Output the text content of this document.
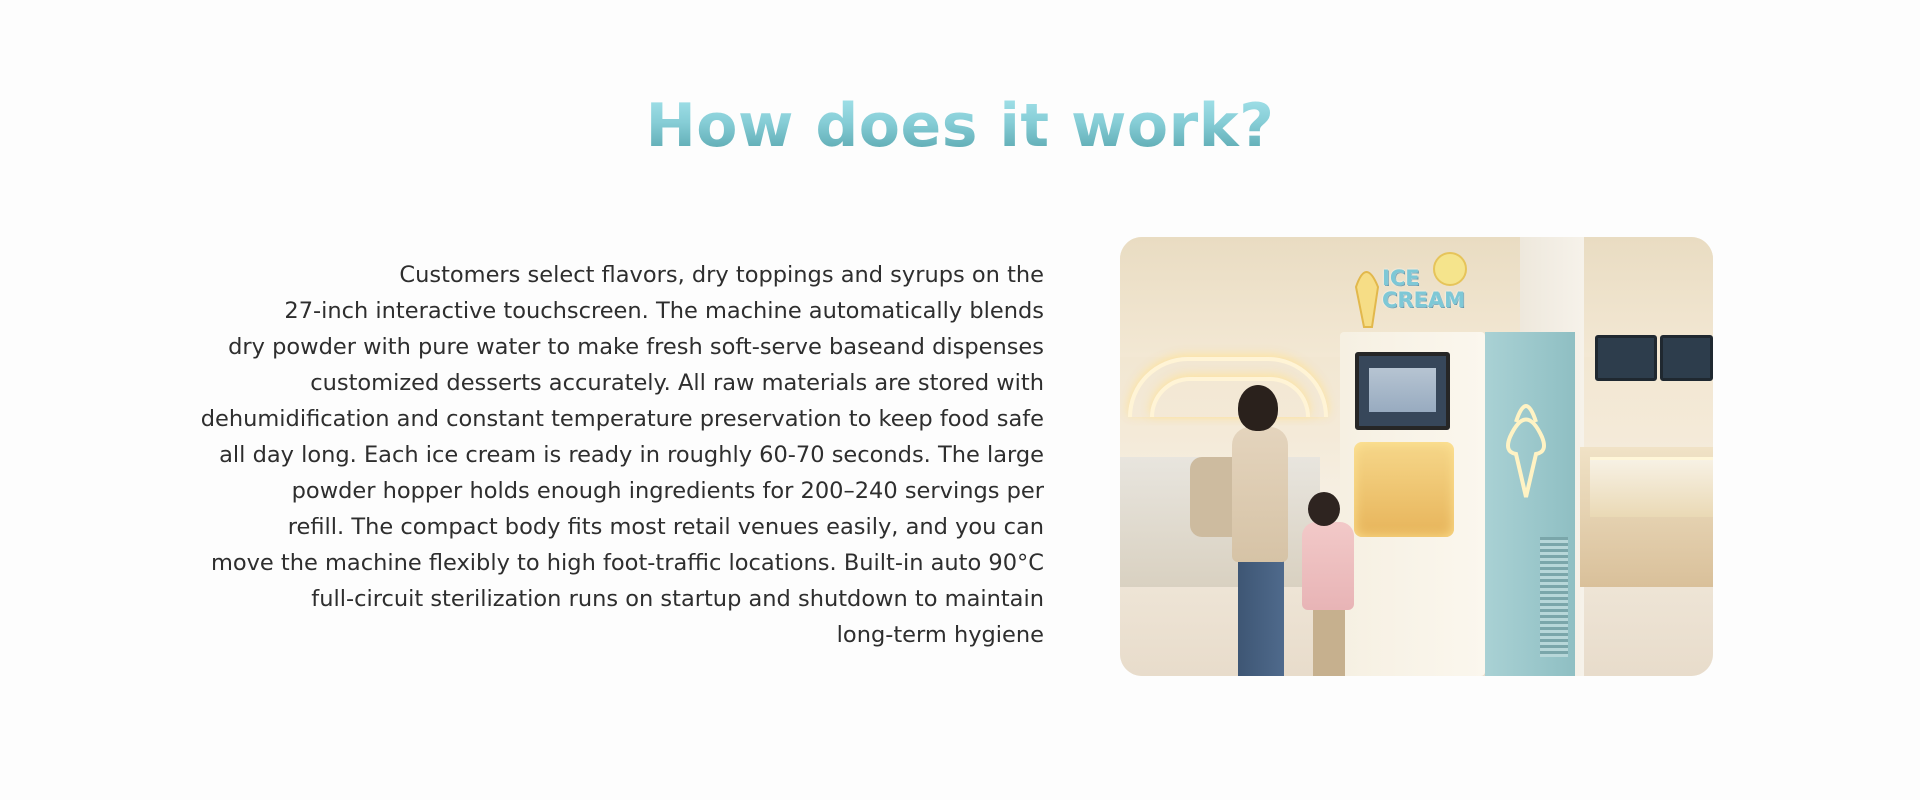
How does it work?
Customers select flavors, dry toppings and syrups on the
27-inch interactive touchscreen. The machine automatically blends
dry powder with pure water to make fresh soft-serve baseand dispenses
customized desserts accurately. All raw materials are stored with
dehumidification and constant temperature preservation to keep food safe
all day long. Each ice cream is ready in roughly 60-70 seconds. The large
powder hopper holds enough ingredients for 200–240 servings per
refill. The compact body fits most retail venues easily, and you can
move the machine flexibly to high foot-traffic locations. Built-in auto 90°C
full-circuit sterilization runs on startup and shutdown to maintain
long-term hygiene
ICE CREAM
